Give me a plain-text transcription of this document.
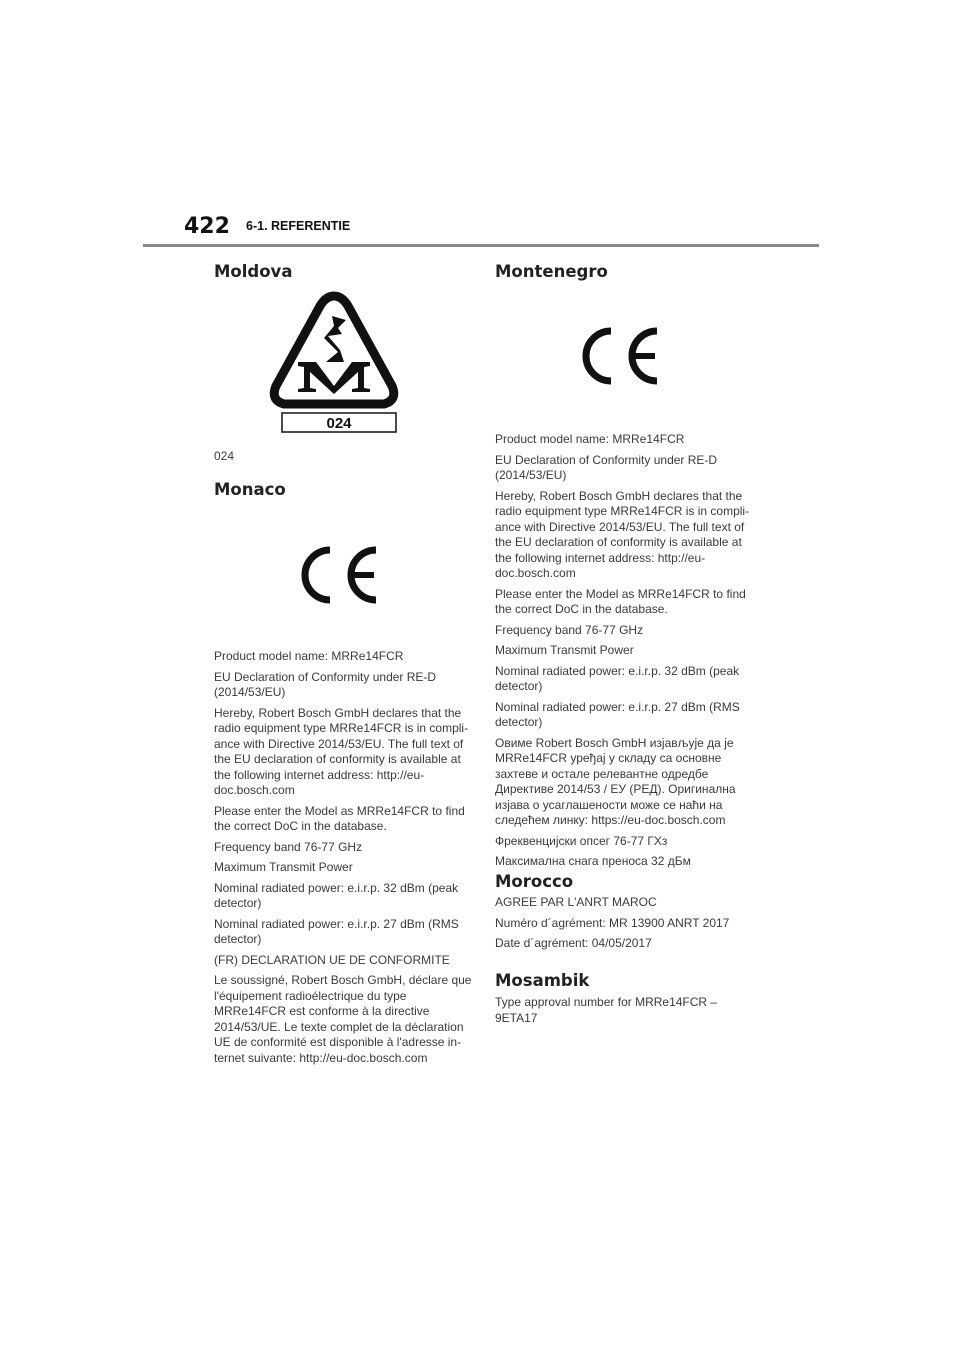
422 6-1. REFERENTIE
Moldova
024
024
Monaco

Product model name: MRRe14FCR

EU Declaration of Conformity under RE-D (2014/53/EU)

Hereby, Robert Bosch GmbH declares that the radio equipment type MRRe14FCR is in compli-ance with Directive 2014/53/EU. The full text of the EU declaration of conformity is available at the following internet address: http://eu-doc.bosch.com

Please enter the Model as MRRe14FCR to find the correct DoC in the database.

Frequency band 76-77 GHz

Maximum Transmit Power

Nominal radiated power: e.i.r.p. 32 dBm (peak detector)

Nominal radiated power: e.i.r.p. 27 dBm (RMS detector)

(FR) DECLARATION UE DE CONFORMITE

Le soussigné, Robert Bosch GmbH, déclare que l'équipement radioélectrique du type MRRe14FCR est conforme à la directive 2014/53/UE. Le texte complet de la déclaration UE de conformité est disponible à l'adresse in-ternet suivante: http://eu-doc.bosch.com

Montenegro

Product model name: MRRe14FCR

EU Declaration of Conformity under RE-D (2014/53/EU)

Hereby, Robert Bosch GmbH declares that the radio equipment type MRRe14FCR is in compli-ance with Directive 2014/53/EU. The full text of the EU declaration of conformity is available at the following internet address: http://eu-doc.bosch.com

Please enter the Model as MRRe14FCR to find the correct DoC in the database.

Frequency band 76-77 GHz

Maximum Transmit Power

Nominal radiated power: e.i.r.p. 32 dBm (peak detector)

Nominal radiated power: e.i.r.p. 27 dBm (RMS detector)

Овиме Robert Bosch GmbH изјављује да је MRRe14FCR уређај у складу са основне захтеве и остале релевантне одредбе Директиве 2014/53 / ЕУ (РЕД). Оригинална изјава о усаглашености може се наћи на следећем линку: https://eu-doc.bosch.com

Фреквенцијски опсег 76-77 ГХз

Максимална снага преноса 32 дБм

Morocco

AGREE PAR L'ANRT MAROC

Numéro d´agrément: MR 13900 ANRT 2017

Date d´agrément: 04/05/2017

Mosambik

Type approval number for MRRe14FCR – 9ETA17
